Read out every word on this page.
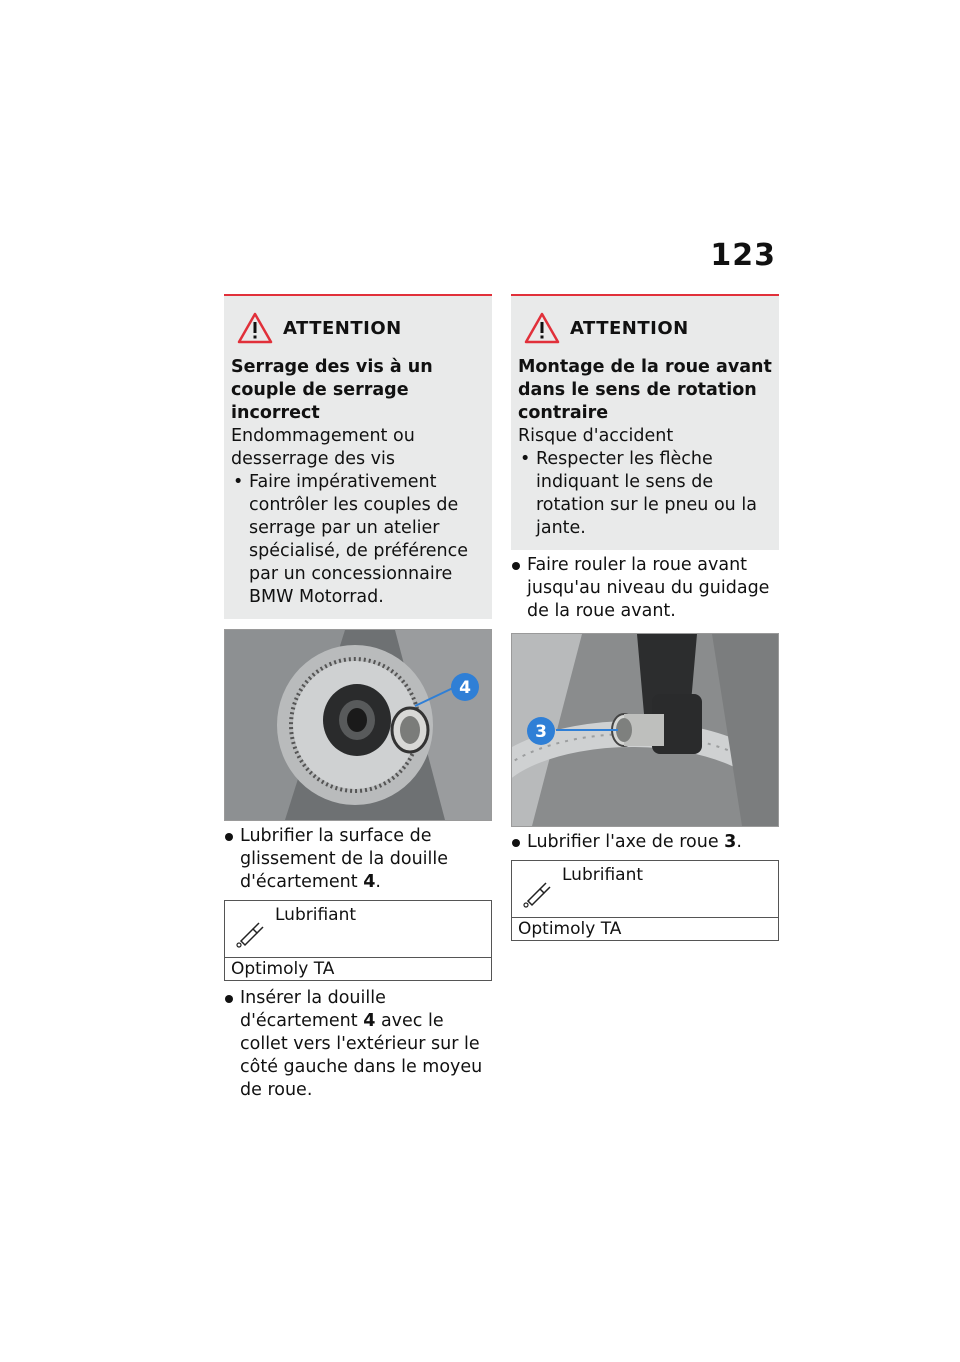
123
ATTENTION
Serrage des vis à un couple de serrage incorrect
Endommagement ou desserrage des vis
• Faire impérativement contrôler les couples de serrage par un atelier spécialisé, de préférence par un concessionnaire BMW Motorrad.
4
Lubrifier la surface de glissement de la douille d'écartement 4.
Lubrifiant
Optimoly TA
Insérer la douille d'écartement 4 avec le collet vers l'extérieur sur le côté gauche dans le moyeu de roue.
ATTENTION
Montage de la roue avant dans le sens de rotation contraire
Risque d'accident
• Respecter les flèche indiquant le sens de rotation sur le pneu ou la jante.
Faire rouler la roue avant jusqu'au niveau du guidage de la roue avant.
3
Lubrifier l'axe de roue 3.
Lubrifiant
Optimoly TA
